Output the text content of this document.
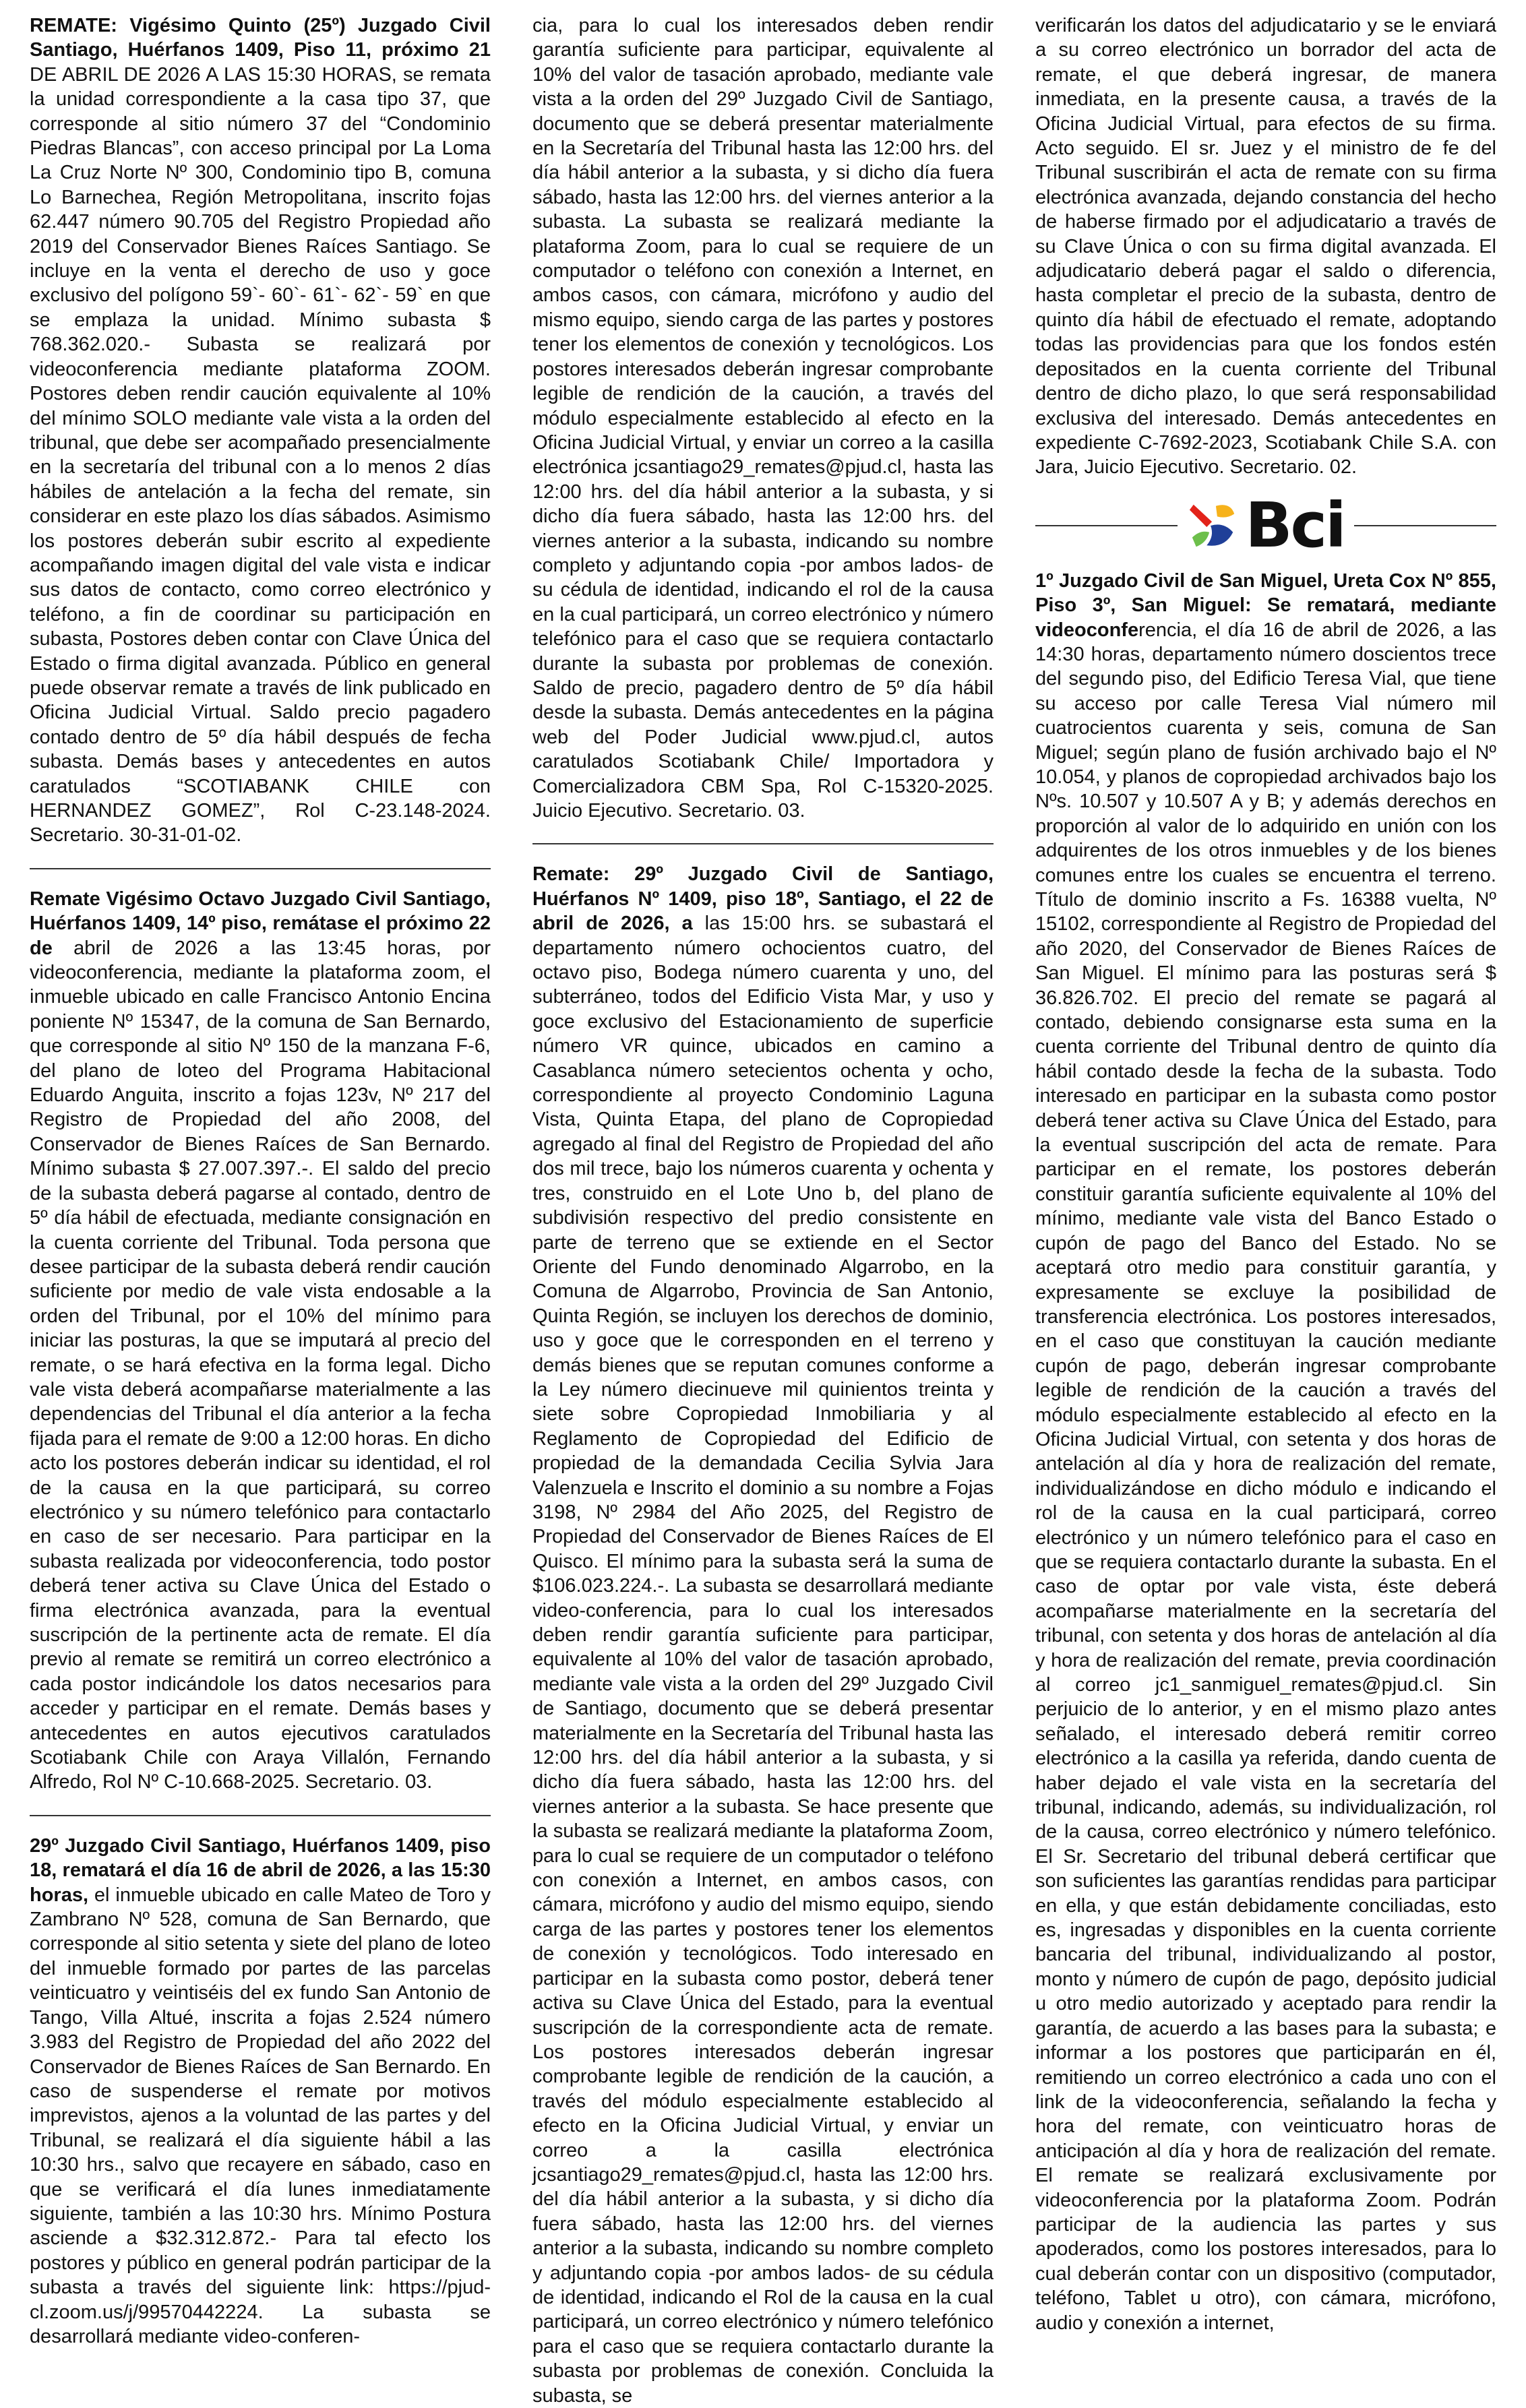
REMATE: Vigésimo Quinto (25º) Juzgado Civil Santiago, Huérfanos 1409, Piso 11, próximo 21 DE ABRIL DE 2026 A LAS 15:30 HORAS, se remata la unidad correspondiente a la casa tipo 37, que corresponde al sitio número 37 del “Condominio Piedras Blancas”, con acceso principal por La Loma La Cruz Norte Nº 300, Condominio tipo B, comuna Lo Barnechea, Región Metropolitana, inscrito fojas 62.447 número 90.705 del Registro Propiedad año 2019 del Conservador Bienes Raíces Santiago. Se incluye en la venta el derecho de uso y goce exclusivo del polígono 59`- 60`- 61`- 62`- 59` en que se emplaza la unidad. Mínimo subasta $ 768.362.020.- Subasta se realizará por videoconferencia mediante plataforma ZOOM. Postores deben rendir caución equivalente al 10% del mínimo SOLO mediante vale vista a la orden del tribunal, que debe ser acompañado presencialmente en la secretaría del tribunal con a lo menos 2 días hábiles de antelación a la fecha del remate, sin considerar en este plazo los días sábados. Asimismo los postores deberán subir escrito al expediente acompañando imagen digital del vale vista e indicar sus datos de contacto, como correo electrónico y teléfono, a fin de coordinar su participación en subasta, Postores deben contar con Clave Única del Estado o firma digital avanzada. Público en general puede observar remate a través de link publicado en Oficina Judicial Virtual. Saldo precio pagadero contado dentro de 5º día hábil después de fecha subasta. Demás bases y antecedentes en autos caratulados “SCOTIABANK CHILE con HERNANDEZ GOMEZ”, Rol C-23.148-2024. Secretario. 30-31-01-02.

Remate Vigésimo Octavo Juzgado Civil Santiago, Huérfanos 1409, 14º piso, remátase el próximo 22 de abril de 2026 a las 13:45 horas, por videoconferencia, mediante la plataforma zoom, el inmueble ubicado en calle Francisco Antonio Encina poniente Nº 15347, de la comuna de San Bernardo, que corresponde al sitio Nº 150 de la manzana F-6, del plano de loteo del Programa Habitacional Eduardo Anguita, inscrito a fojas 123v, Nº 217 del Registro de Propiedad del año 2008, del Conservador de Bienes Raíces de San Bernardo. Mínimo subasta $ 27.007.397.-. El saldo del precio de la subasta deberá pagarse al contado, dentro de 5º día hábil de efectuada, mediante consignación en la cuenta corriente del Tribunal. Toda persona que desee participar de la subasta deberá rendir caución suficiente por medio de vale vista endosable a la orden del Tribunal, por el 10% del mínimo para iniciar las posturas, la que se imputará al precio del remate, o se hará efectiva en la forma legal. Dicho vale vista deberá acompañarse materialmente a las dependencias del Tribunal el día anterior a la fecha fijada para el remate de 9:00 a 12:00 horas. En dicho acto los postores deberán indicar su identidad, el rol de la causa en la que participará, su correo electrónico y su número telefónico para contactarlo en caso de ser necesario. Para participar en la subasta realizada por videoconferencia, todo postor deberá tener activa su Clave Única del Estado o firma electrónica avanzada, para la eventual suscripción de la pertinente acta de remate. El día previo al remate se remitirá un correo electrónico a cada postor indicándole los datos necesarios para acceder y participar en el remate. Demás bases y antecedentes en autos ejecutivos caratulados Scotiabank Chile con Araya Villalón, Fernando Alfredo, Rol Nº C-10.668-2025. Secretario. 03.

29º Juzgado Civil Santiago, Huérfanos 1409, piso 18, rematará el día 16 de abril de 2026, a las 15:30 horas, el inmueble ubicado en calle Mateo de Toro y Zambrano Nº 528, comuna de San Bernardo, que corresponde al sitio setenta y siete del plano de loteo del inmueble formado por partes de las parcelas veinticuatro y veintiséis del ex fundo San Antonio de Tango, Villa Altué, inscrita a fojas 2.524 número 3.983 del Registro de Propiedad del año 2022 del Conservador de Bienes Raíces de San Bernardo. En caso de suspenderse el remate por motivos imprevistos, ajenos a la voluntad de las partes y del Tribunal, se realizará el día siguiente hábil a las 10:30 hrs., salvo que recayere en sábado, caso en que se verificará el día lunes inmediatamente siguiente, también a las 10:30 hrs. Mínimo Postura asciende a $32.312.872.- Para tal efecto los postores y público en general podrán participar de la subasta a través del siguiente link: https://pjud-cl.zoom.us/j/99570442224. La subasta se desarrollará mediante video-conferen-

cia, para lo cual los interesados deben rendir garantía suficiente para participar, equivalente al 10% del valor de tasación aprobado, mediante vale vista a la orden del 29º Juzgado Civil de Santiago, documento que se deberá presentar materialmente en la Secretaría del Tribunal hasta las 12:00 hrs. del día hábil anterior a la subasta, y si dicho día fuera sábado, hasta las 12:00 hrs. del viernes anterior a la subasta. La subasta se realizará mediante la plataforma Zoom, para lo cual se requiere de un computador o teléfono con conexión a Internet, en ambos casos, con cámara, micrófono y audio del mismo equipo, siendo carga de las partes y postores tener los elementos de conexión y tecnológicos. Los postores interesados deberán ingresar comprobante legible de rendición de la caución, a través del módulo especialmente establecido al efecto en la Oficina Judicial Virtual, y enviar un correo a la casilla electrónica jcsantiago29_remates@pjud.cl, hasta las 12:00 hrs. del día hábil anterior a la subasta, y si dicho día fuera sábado, hasta las 12:00 hrs. del viernes anterior a la subasta, indicando su nombre completo y adjuntando copia -por ambos lados- de su cédula de identidad, indicando el rol de la causa en la cual participará, un correo electrónico y número telefónico para el caso que se requiera contactarlo durante la subasta por problemas de conexión. Saldo de precio, pagadero dentro de 5º día hábil desde la subasta. Demás antecedentes en la página web del Poder Judicial www.pjud.cl, autos caratulados Scotiabank Chile/ Importadora y Comercializadora CBM Spa, Rol C-15320-2025. Juicio Ejecutivo. Secretario. 03.

Remate: 29º Juzgado Civil de Santiago, Huérfanos Nº 1409, piso 18º, Santiago, el 22 de abril de 2026, a las 15:00 hrs. se subastará el departamento número ochocientos cuatro, del octavo piso, Bodega número cuarenta y uno, del subterráneo, todos del Edificio Vista Mar, y uso y goce exclusivo del Estacionamiento de superficie número VR quince, ubicados en camino a Casablanca número setecientos ochenta y ocho, correspondiente al proyecto Condominio Laguna Vista, Quinta Etapa, del plano de Copropiedad agregado al final del Registro de Propiedad del año dos mil trece, bajo los números cuarenta y ochenta y tres, construido en el Lote Uno b, del plano de subdivisión respectivo del predio consistente en parte de terreno que se extiende en el Sector Oriente del Fundo denominado Algarrobo, en la Comuna de Algarrobo, Provincia de San Antonio, Quinta Región, se incluyen los derechos de dominio, uso y goce que le corresponden en el terreno y demás bienes que se reputan comunes conforme a la Ley número diecinueve mil quinientos treinta y siete sobre Copropiedad Inmobiliaria y al Reglamento de Copropiedad del Edificio de propiedad de la demandada Cecilia Sylvia Jara Valenzuela e Inscrito el dominio a su nombre a Fojas 3198, Nº 2984 del Año 2025, del Registro de Propiedad del Conservador de Bienes Raíces de El Quisco. El mínimo para la subasta será la suma de $106.023.224.-. La subasta se desarrollará mediante video-conferencia, para lo cual los interesados deben rendir garantía suficiente para participar, equivalente al 10% del valor de tasación aprobado, mediante vale vista a la orden del 29º Juzgado Civil de Santiago, documento que se deberá presentar materialmente en la Secretaría del Tribunal hasta las 12:00 hrs. del día hábil anterior a la subasta, y si dicho día fuera sábado, hasta las 12:00 hrs. del viernes anterior a la subasta. Se hace presente que la subasta se realizará mediante la plataforma Zoom, para lo cual se requiere de un computador o teléfono con conexión a Internet, en ambos casos, con cámara, micrófono y audio del mismo equipo, siendo carga de las partes y postores tener los elementos de conexión y tecnológicos. Todo interesado en participar en la subasta como postor, deberá tener activa su Clave Única del Estado, para la eventual suscripción de la correspondiente acta de remate. Los postores interesados deberán ingresar comprobante legible de rendición de la caución, a través del módulo especialmente establecido al efecto en la Oficina Judicial Virtual, y enviar un correo a la casilla electrónica jcsantiago29_remates@pjud.cl, hasta las 12:00 hrs. del día hábil anterior a la subasta, y si dicho día fuera sábado, hasta las 12:00 hrs. del viernes anterior a la subasta, indicando su nombre completo y adjuntando copia -por ambos lados- de su cédula de identidad, indicando el Rol de la causa en la cual participará, un correo electrónico y número telefónico para el caso que se requiera contactarlo durante la subasta por problemas de conexión. Concluida la subasta, se

verificarán los datos del adjudicatario y se le enviará a su correo electrónico un borrador del acta de remate, el que deberá ingresar, de manera inmediata, en la presente causa, a través de la Oficina Judicial Virtual, para efectos de su firma. Acto seguido. El sr. Juez y el ministro de fe del Tribunal suscribirán el acta de remate con su firma electrónica avanzada, dejando constancia del hecho de haberse firmado por el adjudicatario a través de su Clave Única o con su firma digital avanzada. El adjudicatario deberá pagar el saldo o diferencia, hasta completar el precio de la subasta, dentro de quinto día hábil de efectuado el remate, adoptando todas las providencias para que los fondos estén depositados en la cuenta corriente del Tribunal dentro de dicho plazo, lo que será responsabilidad exclusiva del interesado. Demás antecedentes en expediente C-7692-2023, Scotiabank Chile S.A. con Jara, Juicio Ejecutivo. Secretario. 02.

Bci

1º Juzgado Civil de San Miguel, Ureta Cox Nº 855, Piso 3º, San Miguel: Se rematará, mediante videoconferencia, el día 16 de abril de 2026, a las 14:30 horas, departamento número doscientos trece del segundo piso, del Edificio Teresa Vial, que tiene su acceso por calle Teresa Vial número mil cuatrocientos cuarenta y seis, comuna de San Miguel; según plano de fusión archivado bajo el Nº 10.054, y planos de copropiedad archivados bajo los Nºs. 10.507 y 10.507 A y B; y además derechos en proporción al valor de lo adquirido en unión con los adquirentes de los otros inmuebles y de los bienes comunes entre los cuales se encuentra el terreno. Título de dominio inscrito a Fs. 16388 vuelta, Nº 15102, correspondiente al Registro de Propiedad del año 2020, del Conservador de Bienes Raíces de San Miguel. El mínimo para las posturas será $ 36.826.702. El precio del remate se pagará al contado, debiendo consignarse esta suma en la cuenta corriente del Tribunal dentro de quinto día hábil contado desde la fecha de la subasta. Todo interesado en participar en la subasta como postor deberá tener activa su Clave Única del Estado, para la eventual suscripción del acta de remate. Para participar en el remate, los postores deberán constituir garantía suficiente equivalente al 10% del mínimo, mediante vale vista del Banco Estado o cupón de pago del Banco del Estado. No se aceptará otro medio para constituir garantía, y expresamente se excluye la posibilidad de transferencia electrónica. Los postores interesados, en el caso que constituyan la caución mediante cupón de pago, deberán ingresar comprobante legible de rendición de la caución a través del módulo especialmente establecido al efecto en la Oficina Judicial Virtual, con setenta y dos horas de antelación al día y hora de realización del remate, individualizándose en dicho módulo e indicando el rol de la causa en la cual participará, correo electrónico y un número telefónico para el caso en que se requiera contactarlo durante la subasta. En el caso de optar por vale vista, éste deberá acompañarse materialmente en la secretaría del tribunal, con setenta y dos horas de antelación al día y hora de realización del remate, previa coordinación al correo jc1_sanmiguel_remates@pjud.cl. Sin perjuicio de lo anterior, y en el mismo plazo antes señalado, el interesado deberá remitir correo electrónico a la casilla ya referida, dando cuenta de haber dejado el vale vista en la secretaría del tribunal, indicando, además, su individualización, rol de la causa, correo electrónico y número telefónico. El Sr. Secretario del tribunal deberá certificar que son suficientes las garantías rendidas para participar en ella, y que están debidamente conciliadas, esto es, ingresadas y disponibles en la cuenta corriente bancaria del tribunal, individualizando al postor, monto y número de cupón de pago, depósito judicial u otro medio autorizado y aceptado para rendir la garantía, de acuerdo a las bases para la subasta; e informar a los postores que participarán en él, remitiendo un correo electrónico a cada uno con el link de la videoconferencia, señalando la fecha y hora del remate, con veinticuatro horas de anticipación al día y hora de realización del remate. El remate se realizará exclusivamente por videoconferencia por la plataforma Zoom. Podrán participar de la audiencia las partes y sus apoderados, como los postores interesados, para lo cual deberán contar con un dispositivo (computador, teléfono, Tablet u otro), con cámara, micrófono, audio y conexión a internet,
